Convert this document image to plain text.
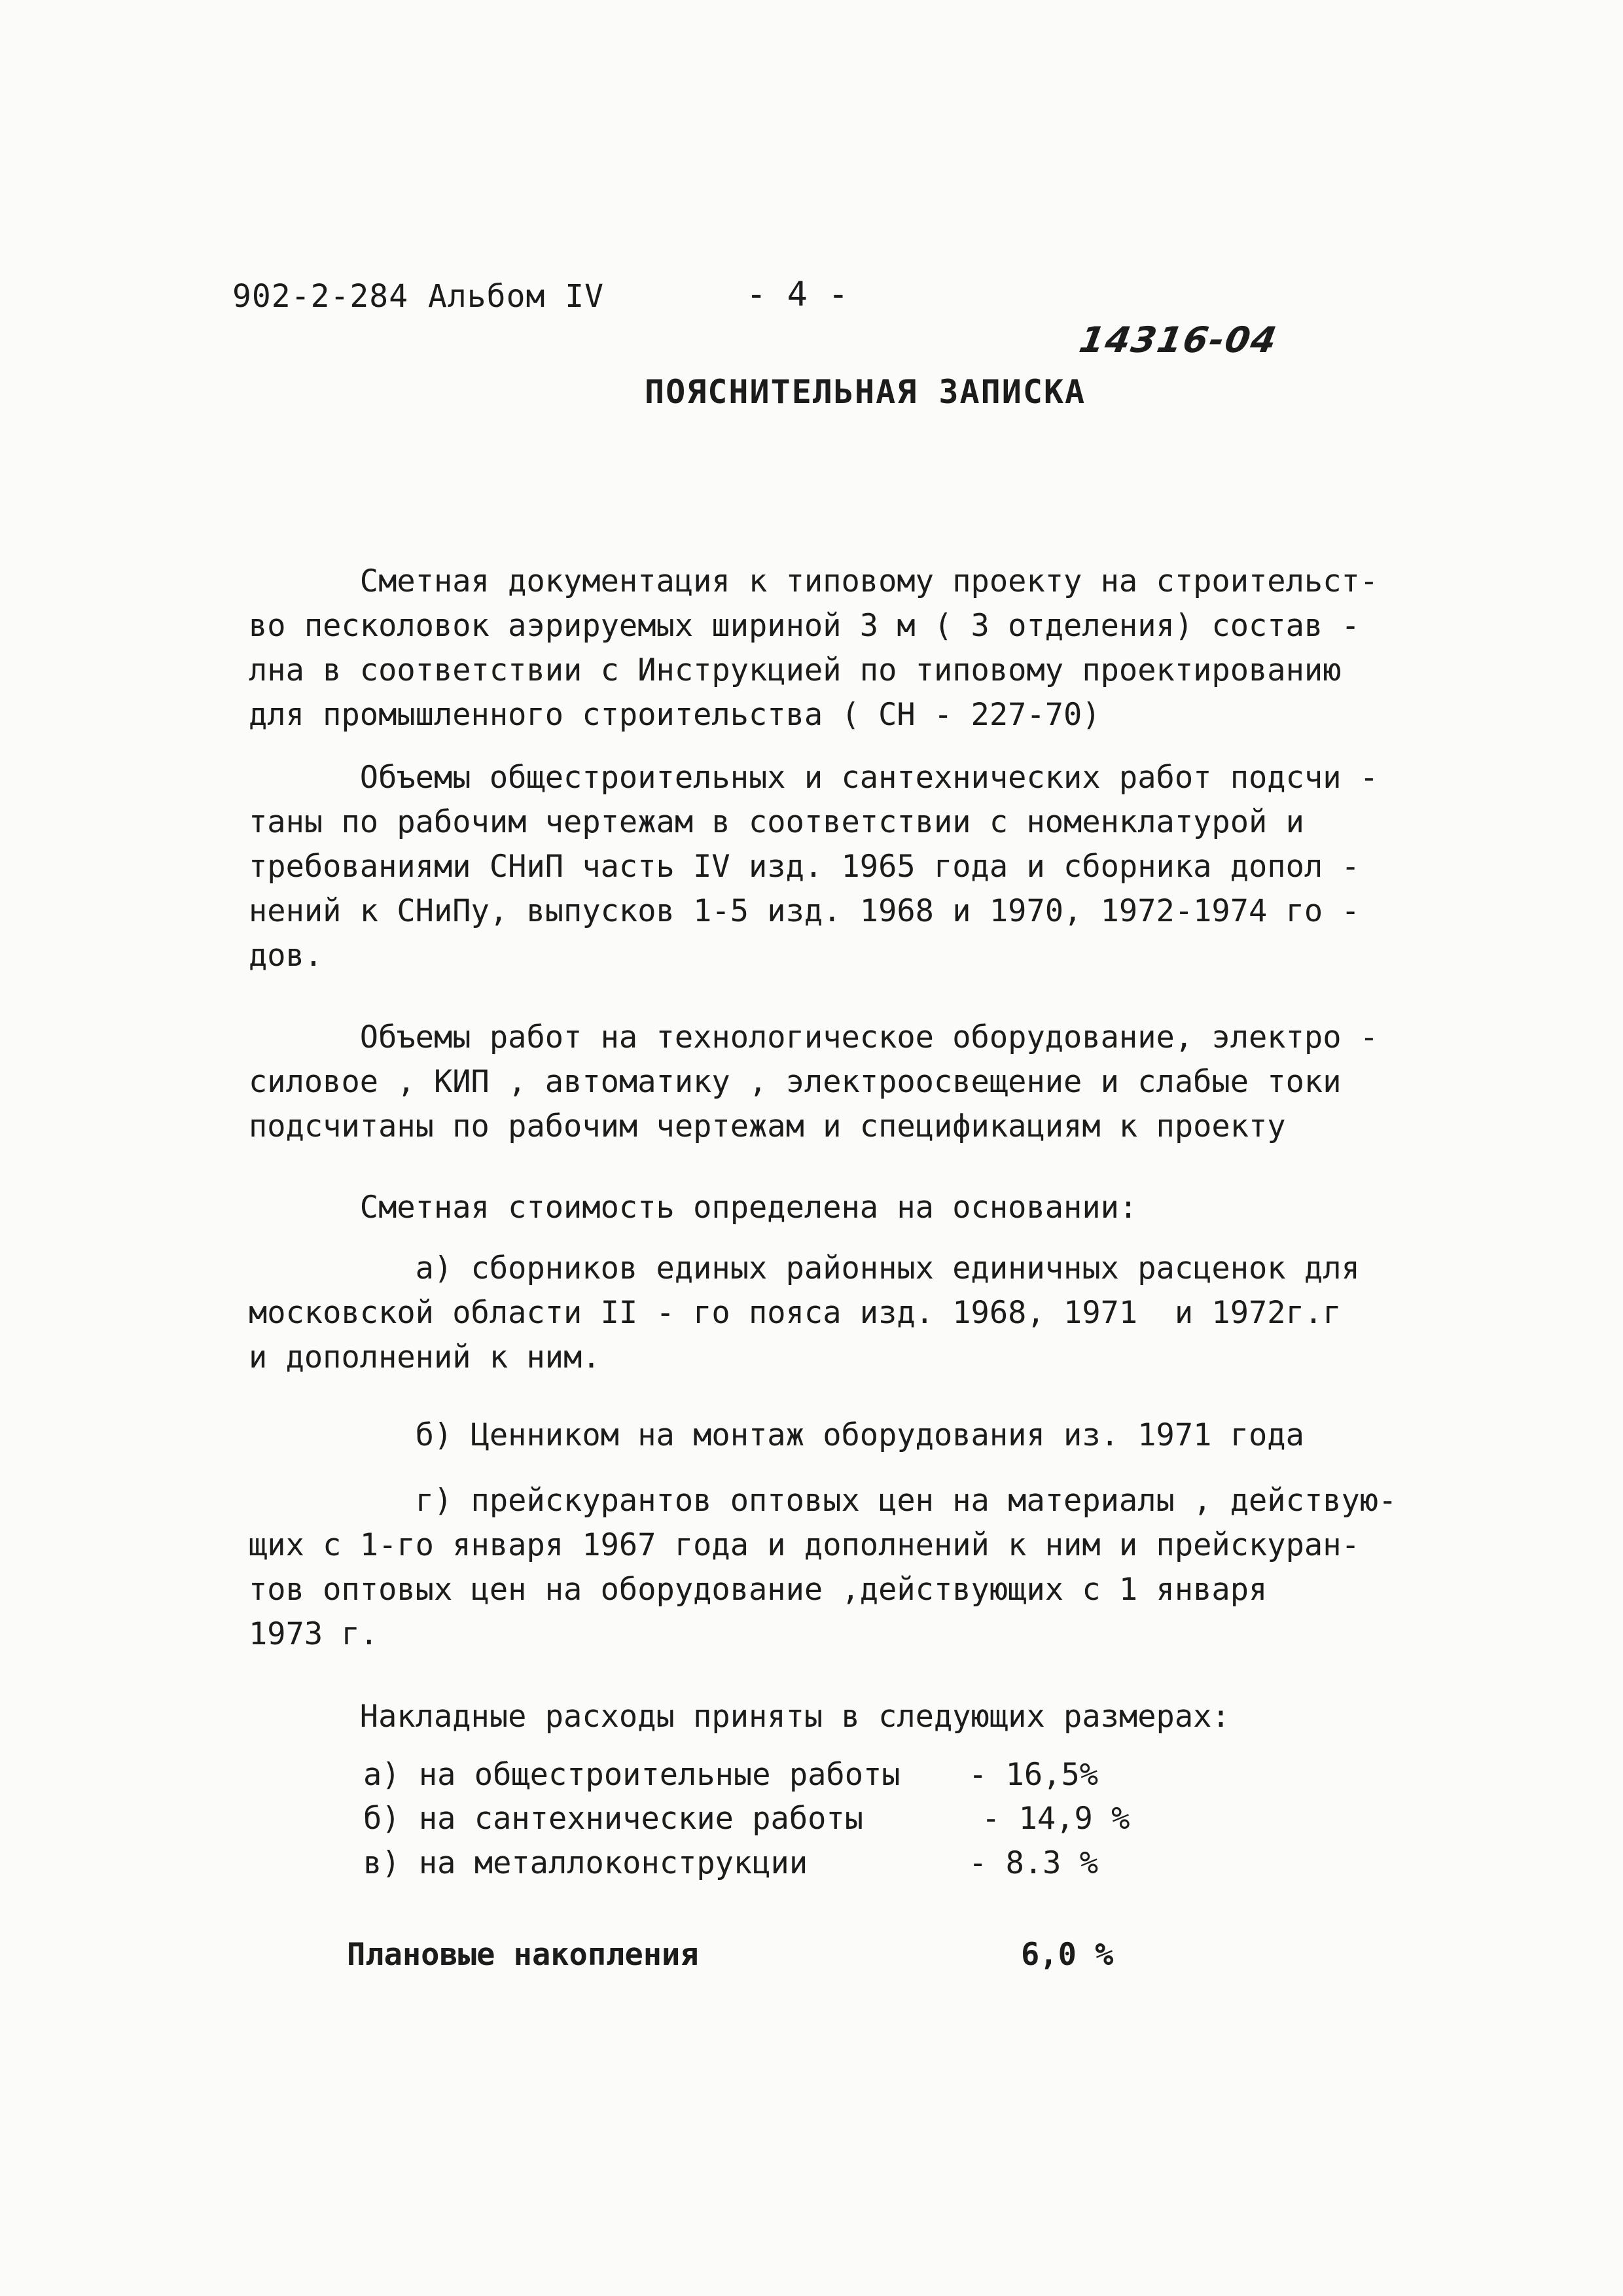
902-2-284 Альбом IV	- 4 -
14316-04
ПОЯСНИТЕЛЬНАЯ ЗАПИСКА
Сметная документация к типовому проекту на строительст-
во песколовок аэрируемых шириной 3 м ( 3 отделения) состав -
лна в соответствии с Инструкцией по типовому проектированию
для промышленного строительства ( СН - 227-70)
Объемы общестроительных и сантехнических работ подсчи -
таны по рабочим чертежам в соответствии с номенклатурой и
требованиями СНиП часть IV изд. 1965 года и сборника допол -
нений к СНиПу, выпусков 1-5 изд. 1968 и 1970, 1972-1974 го -
дов.
Объемы работ на технологическое оборудование, электро -
силовое , КИП , автоматику , электроосвещение и слабые токи
подсчитаны по рабочим чертежам и спецификациям к проекту
Сметная стоимость определена на основании:
а) сборников единых районных единичных расценок для
московской области II - го пояса изд. 1968, 1971  и 1972г.г
и дополнений к ним.
б) Ценником на монтаж оборудования из. 1971 года
г) прейскурантов оптовых цен на материалы , действую-
щих с 1-го января 1967 года и дополнений к ним и прейскуран-
тов оптовых цен на оборудование ,действующих с 1 января
1973 г.
Накладные расходы приняты в следующих размерах:
а) на общестроительные работы - 16,5%
б) на сантехнические работы	- 14,9 %
в) на металлоконструкции	- 8.3 %
Плановые накопления	6,0 %
